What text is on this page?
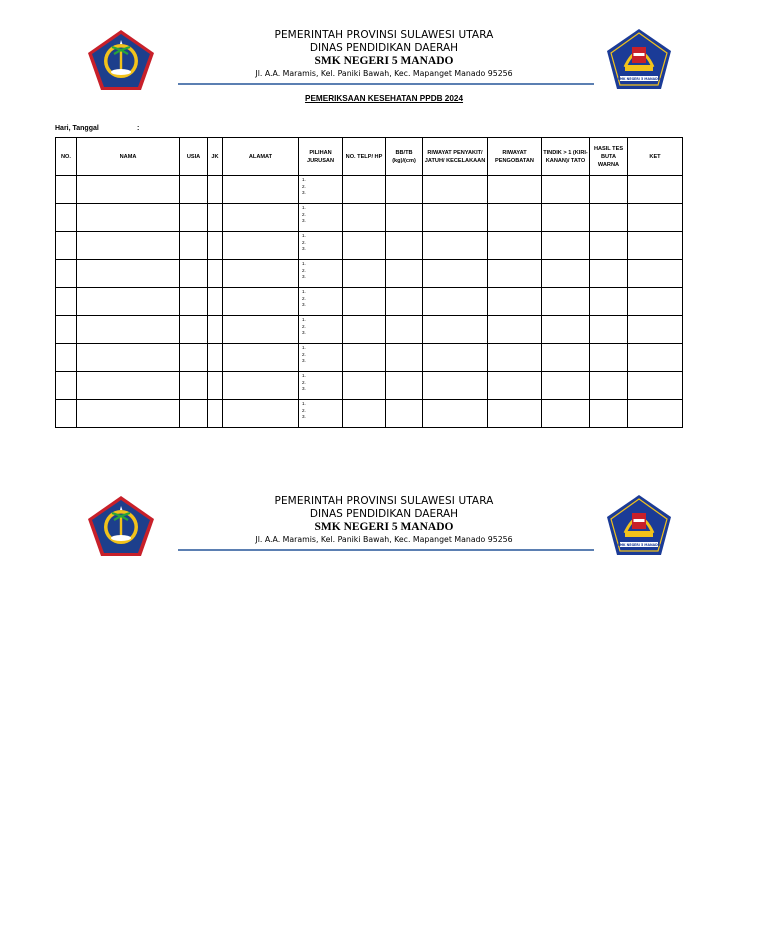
PEMERINTAH PROVINSI SULAWESI UTARA
DINAS PENDIDIKAN DAERAH
SMK NEGERI 5 MANADO
Jl. A.A. Maramis, Kel. Paniki Bawah, Kec. Mapanget Manado 95256
SMK NEGERI 5 MANADO
PEMERIKSAAN KESEHATAN PPDB 2024
Hari, Tanggal	:
NO.	NAMA	USIA	JK	ALAMAT	PILIHAN JURUSAN	NO. TELP/ HP	BB/TB (kg)/(cm)	RIWAYAT PENYAKIT/ JATUH/ KECELAKAAN	RIWAYAT PENGOBATAN	TINDIK > 1 (KIRI- KANAN)/ TATO	HASIL TES BUTA WARNA	KET

					1.
2.
3.							

					1.
2.
3.							

					1.
2.
3.							

					1.
2.
3.							

					1.
2.
3.							

					1.
2.
3.							

					1.
2.
3.							

					1.
2.
3.							

					1.
2.
3.							

PEMERINTAH PROVINSI SULAWESI UTARA
DINAS PENDIDIKAN DAERAH
SMK NEGERI 5 MANADO
Jl. A.A. Maramis, Kel. Paniki Bawah, Kec. Mapanget Manado 95256
SMK NEGERI 5 MANADO
